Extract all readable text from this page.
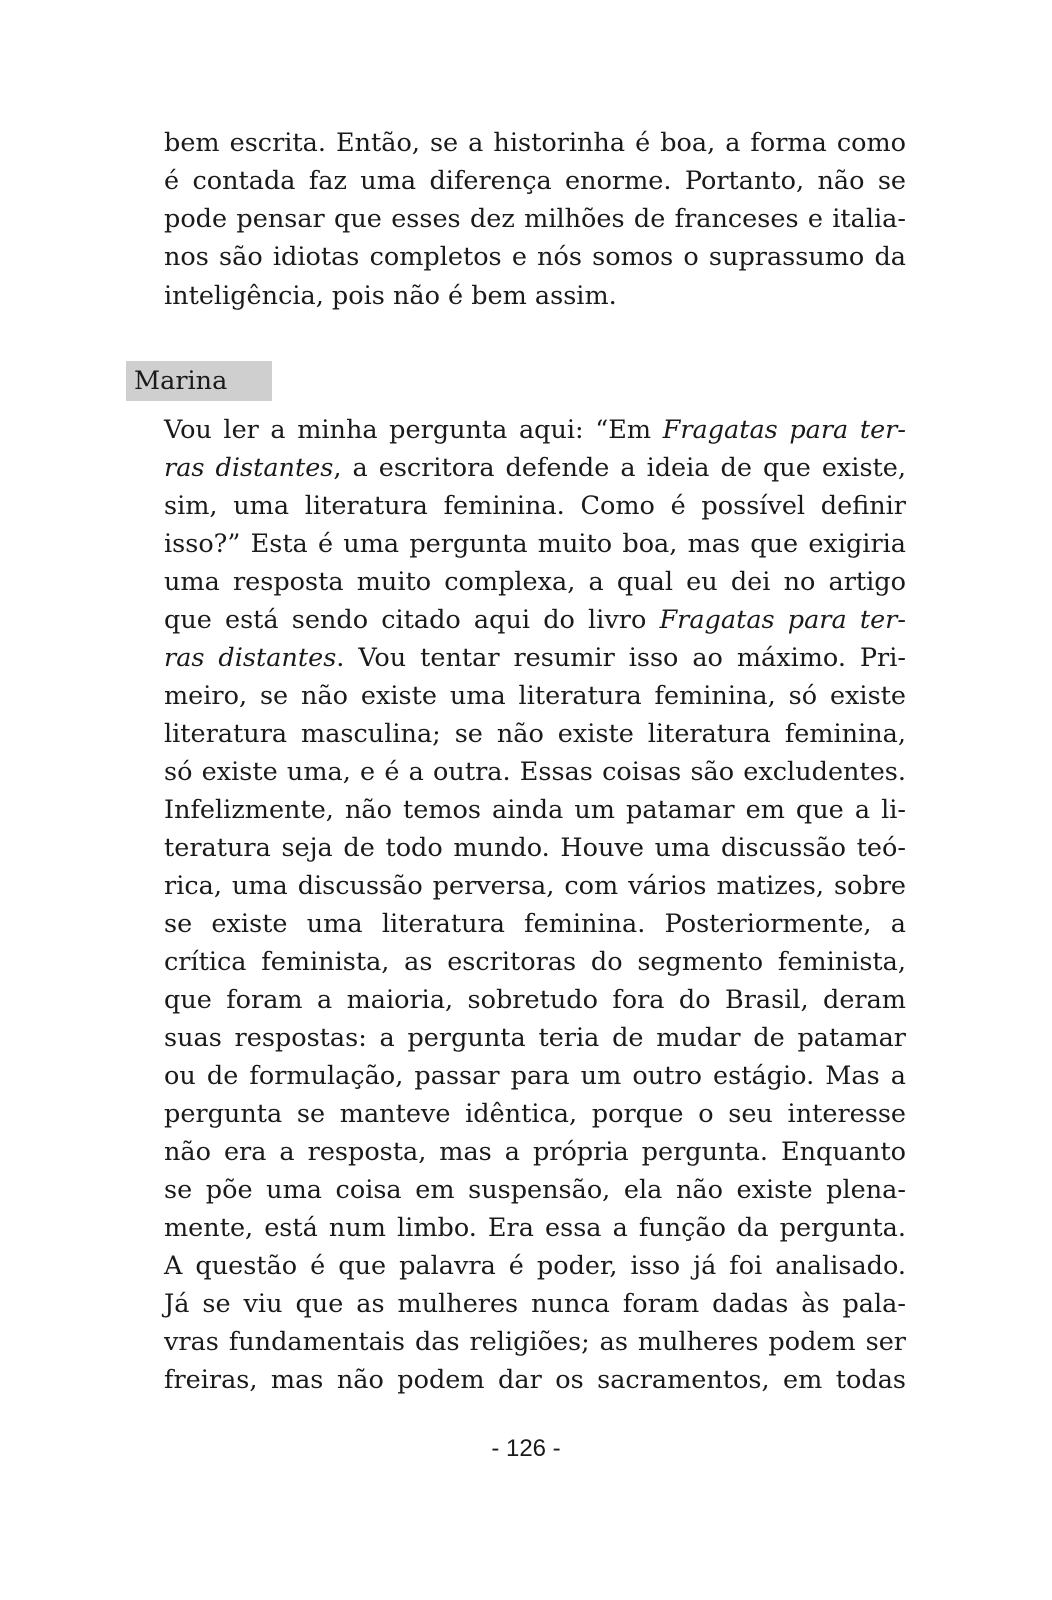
bem escrita. Então, se a historinha é boa, a forma como
é contada faz uma diferença enorme. Portanto, não se
pode pensar que esses dez milhões de franceses e italia-
nos são idiotas completos e nós somos o suprassumo da
inteligência, pois não é bem assim.
Marina
Vou ler a minha pergunta aqui: “Em Fragatas para ter-
ras distantes, a escritora defende a ideia de que existe,
sim, uma literatura feminina. Como é possível definir
isso?” Esta é uma pergunta muito boa, mas que exigiria
uma resposta muito complexa, a qual eu dei no artigo
que está sendo citado aqui do livro Fragatas para ter-
ras distantes. Vou tentar resumir isso ao máximo. Pri-
meiro, se não existe uma literatura feminina, só existe
literatura masculina; se não existe literatura feminina,
só existe uma, e é a outra. Essas coisas são excludentes.
Infelizmente, não temos ainda um patamar em que a li-
teratura seja de todo mundo. Houve uma discussão teó-
rica, uma discussão perversa, com vários matizes, sobre
se existe uma literatura feminina. Posteriormente, a
crítica feminista, as escritoras do segmento feminista,
que foram a maioria, sobretudo fora do Brasil, deram
suas respostas: a pergunta teria de mudar de patamar
ou de formulação, passar para um outro estágio. Mas a
pergunta se manteve idêntica, porque o seu interesse
não era a resposta, mas a própria pergunta. Enquanto
se põe uma coisa em suspensão, ela não existe plena-
mente, está num limbo. Era essa a função da pergunta.
A questão é que palavra é poder, isso já foi analisado.
Já se viu que as mulheres nunca foram dadas às pala-
vras fundamentais das religiões; as mulheres podem ser
freiras, mas não podem dar os sacramentos, em todas
- 126 -
